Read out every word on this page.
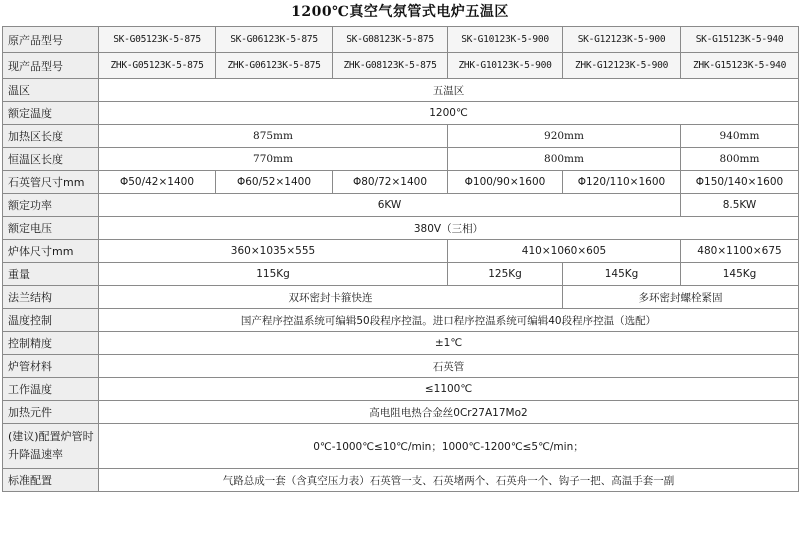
1200℃真空气氛管式电炉五温区
原产品型号	SK-G05123K-5-875	SK-G06123K-5-875	SK-G08123K-5-875	SK-G10123K-5-900	SK-G12123K-5-900	SK-G15123K-5-940
现产品型号	ZHK-G05123K-5-875	ZHK-G06123K-5-875	ZHK-G08123K-5-875	ZHK-G10123K-5-900	ZHK-G12123K-5-900	ZHK-G15123K-5-940
温区	五温区					
额定温度	1200℃					
加热区长度	875mm			920mm		940mm
恒温区长度	770mm			800mm		800mm
石英管尺寸mm	Φ50/42×1400	Φ60/52×1400	Φ80/72×1400	Φ100/90×1600	Φ120/110×1600	Φ150/140×1600
额定功率	6KW					8.5KW
额定电压	380V（三相）					
炉体尺寸mm	360×1035×555			410×1060×605		480×1100×675
重量	115Kg			125Kg	145Kg	145Kg
法兰结构	双环密封卡箍快连				多环密封螺栓紧固	
温度控制	国产程序控温系统可编辑50段程序控温。进口程序控温系统可编辑40段程序控温（选配）					
控制精度	±1℃					
炉管材料	石英管					
工作温度	≤1100℃					
加热元件	高电阻电热合金丝0Cr27A17Mo2					
(建议)配置炉管时升降温速率	0℃-1000℃≤10℃/min；1000℃-1200℃≤5℃/min；					
标准配置	气路总成一套（含真空压力表）石英管一支、石英堵两个、石英舟一个、钩子一把、高温手套一副					
